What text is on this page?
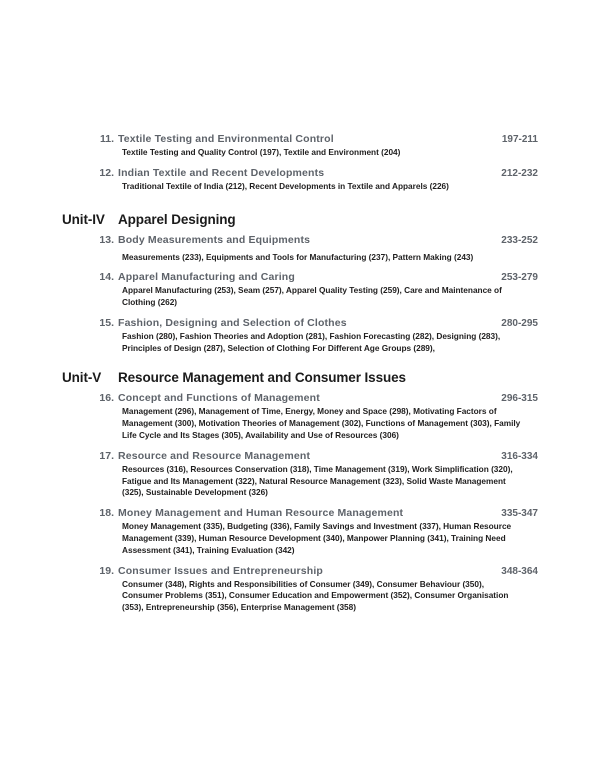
11. Textile Testing and Environmental Control	197-211
Textile Testing and Quality Control (197), Textile and Environment (204)
12. Indian Textile and Recent Developments	212-232
Traditional Textile of India (212), Recent Developments in Textile and Apparels (226)
Unit-IV Apparel Designing
13. Body Measurements and Equipments	233-252
Measurements (233), Equipments and Tools for Manufacturing (237), Pattern Making (243)
14. Apparel Manufacturing and Caring	253-279
Apparel Manufacturing (253), Seam (257), Apparel Quality Testing (259), Care and Maintenance of Clothing (262)
15. Fashion, Designing and Selection of Clothes	280-295
Fashion (280), Fashion Theories and Adoption (281), Fashion Forecasting (282), Designing (283), Principles of Design (287), Selection of Clothing For Different Age Groups (289),
Unit-V	Resource Management and Consumer Issues
16. Concept and Functions of Management	296-315
Management (296), Management of Time, Energy, Money and Space (298), Motivating Factors of Management (300), Motivation Theories of Management (302), Functions of Management (303), Family Life Cycle and Its Stages (305), Availability and Use of Resources (306)
17. Resource and Resource Management	316-334
Resources (316), Resources Conservation (318), Time Management (319), Work Simplification (320), Fatigue and Its Management (322), Natural Resource Management (323), Solid Waste Management (325), Sustainable Development (326)
18. Money Management and Human Resource Management	335-347
Money Management (335), Budgeting (336), Family Savings and Investment (337), Human Resource Management (339), Human Resource Development (340), Manpower Planning (341), Training Need Assessment (341), Training Evaluation (342)
19. Consumer Issues and Entrepreneurship	348-364
Consumer (348), Rights and Responsibilities of Consumer (349), Consumer Behaviour (350), Consumer Problems (351), Consumer Education and Empowerment (352), Consumer Organisation (353), Entrepreneurship (356), Enterprise Management (358)
